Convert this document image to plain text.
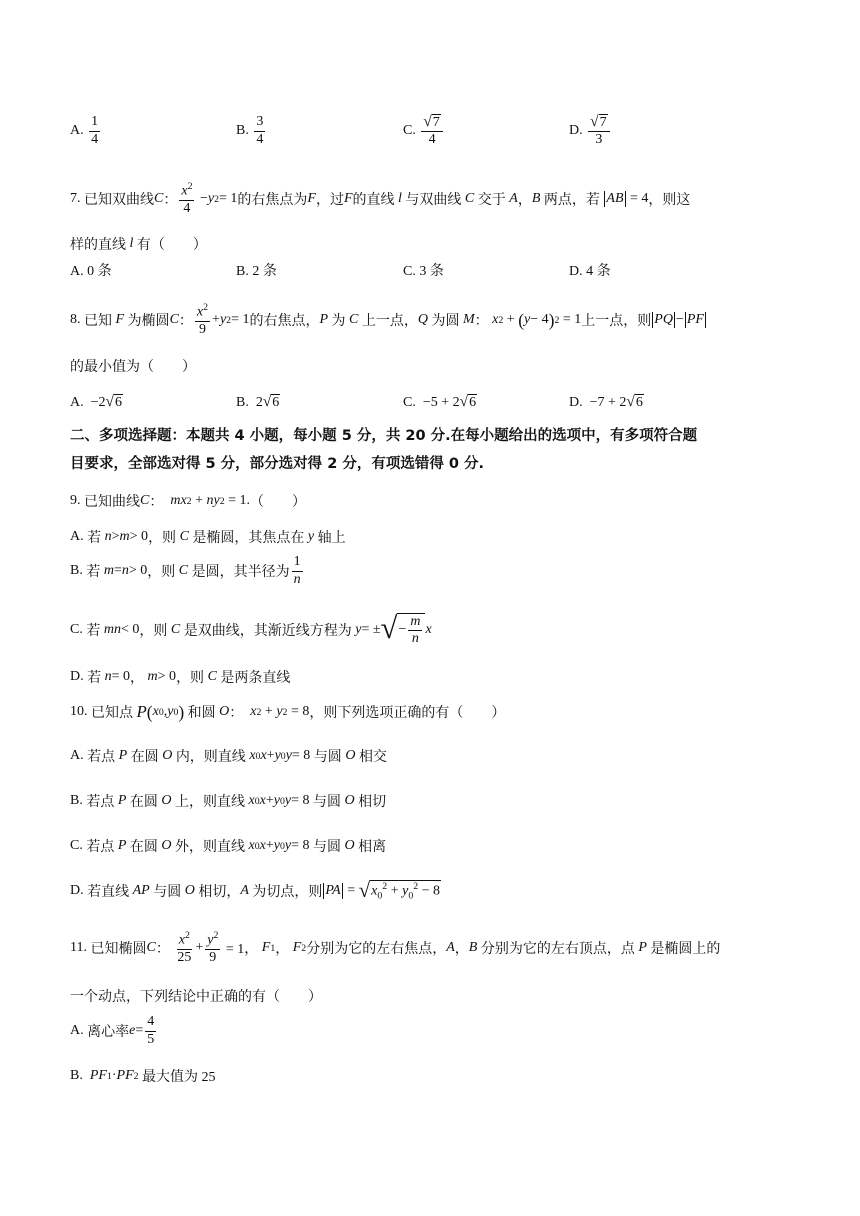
A.
$\frac{1}{4}$	B.
$\frac{3}{4}$	C.
$\frac{√ 7}{4}$	D.
$\frac{√ 7}{3}$
7.
已知双曲线 C ： $\frac{x^2}{4} - y$ 2 = 1 的右焦点为 F ，过 F 的直线
l
与双曲线
C
交于
A ， B
两点，若
AB = 4 ，则这
样的直线
l
有（　　）
A. 0 条	B. 2 条	C. 3 条	D. 4 条
8.
已知
F
为椭圆 C ： $\frac{x^2}{9} + y$ 2 = 1 的右焦点， P
为
C
上一点， Q
为圆
M ： x 2 + ( y − 4 ) 2 = 1 上一点，则 PQ − PF
的最小值为（　　）
A.
−2 √ 6	B.
2 √ 6	C.
−5 + 2 √ 6	D.
−7 + 2 √ 6
二、多项选择题：本题共 4 小题，每小题 5 分，共 20 分.在每小题给出的选项中，有多项符合题
目要求，全部选对得 5 分，部分选对得 2 分，有项选错得 0 分.
9.
已知曲线 C ： mx 2 + ny 2 = 1. （　　）
A.
若
n > m > 0 ，则
C
是椭圆，其焦点在
y
轴上
B.
若
m = n > 0 ，则
C
是圆，其半径为 $\frac{1}{n}$
C.
若
mn < 0 ，则
C
是双曲线，其渐近线方程为
y = ± √ − $\frac{m}{n}$ x
D.
若
n = 0 ，
m > 0 ，则
C
是两条直线
10.
已知点
P ( x 0 , y 0 )
和圆
O ： x 2 + y 2 = 8 ，则下列选项正确的有（　　）
A.
若点
P
在圆
O
内，则直线
x 0 x + y 0 y = 8 与圆
O
相交
B.
若点
P
在圆
O
上，则直线
x 0 x + y 0 y = 8 与圆
O
相切
C.
若点
P
在圆
O
外，则直线
x 0 x + y 0 y = 8 与圆
O
相离
D.
若直线
AP
与圆
O
相切， A
为切点，则 PA = √ $x_0^2 + y_0^2 - 8$
11.
已知椭圆 C ： $\frac{x^2}{25} + \frac{y^2}{9} = 1$， F 1 ， F 2 分别为它的左右焦点， A ， B
分别为它的左右顶点，点
P
是椭圆上的
一个动点，下列结论中正确的有（　　）
A.
离心率 $e = \frac{4}{5}$
B.
PF 1 · PF 2
最大值为 25
